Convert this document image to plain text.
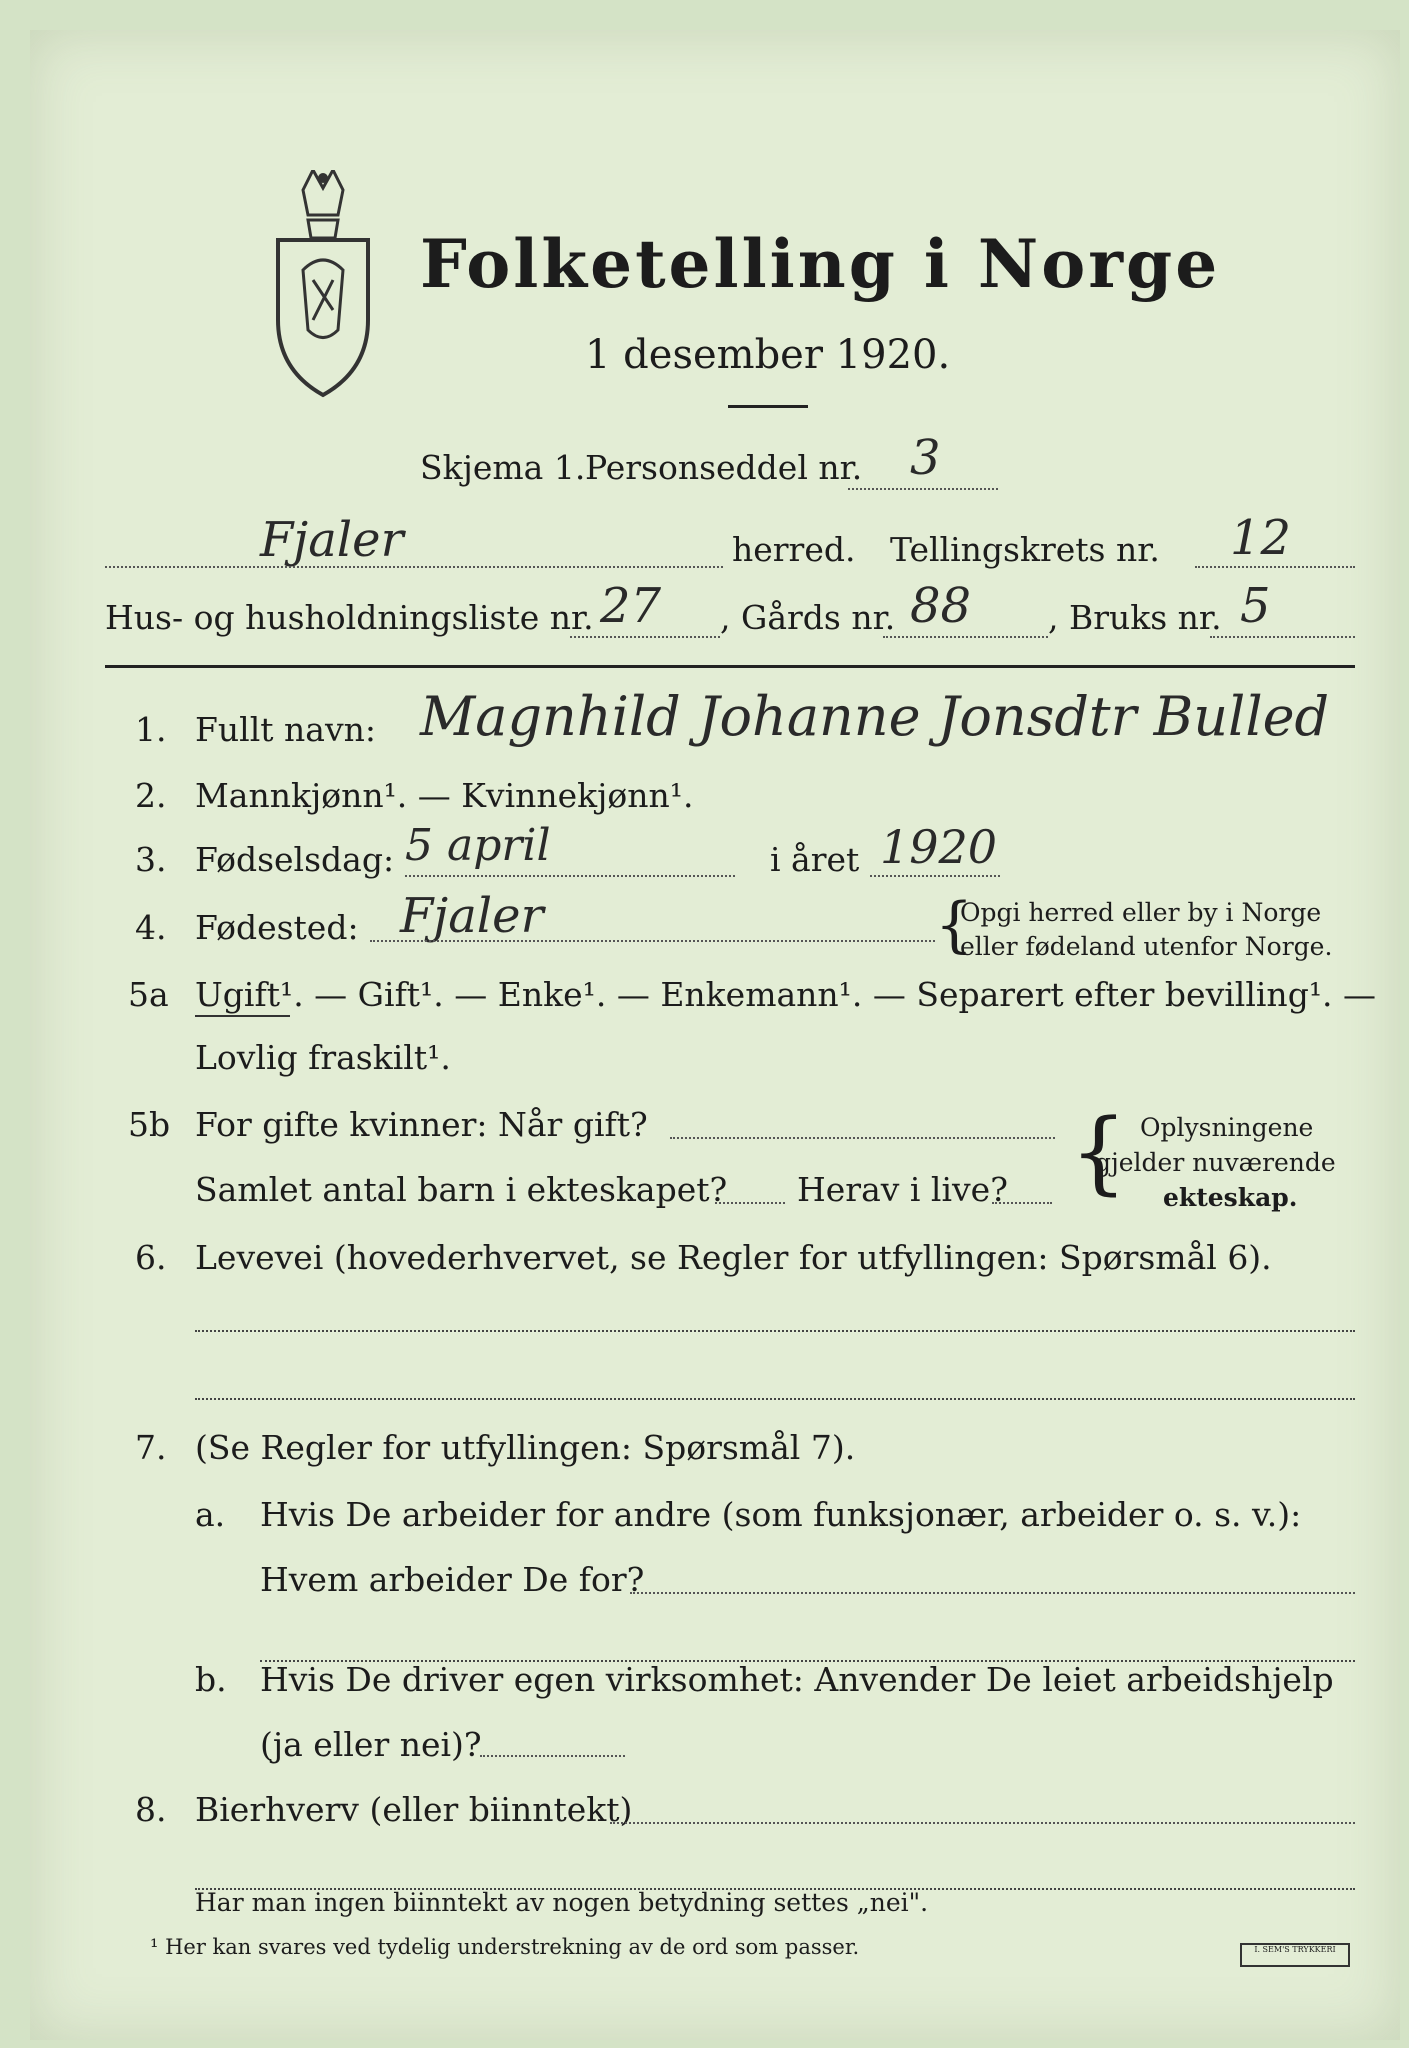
Folketelling i Norge
1 desember 1920.
Skjema 1. Personseddel nr. 3
Fjaler	herred. Tellingskrets nr. 12
Hus- og husholdningsliste nr. 27 , Gårds nr. 88 , Bruks nr. 5
1. Fullt navn: Magnhild Johanne Jonsdtr Bulled
2. Mannkjønn¹. — Kvinnekjønn¹.
3. Fødselsdag: 5 april	i året 1920
4. Fødested: Fjaler	{
Opgi herred eller by i Norge
eller fødeland utenfor Norge.
5a Ugift¹. — Gift¹. — Enke¹. — Enkemann¹. — Separert efter bevilling¹. —
Lovlig fraskilt¹.
5b For gifte kvinner: Når gift?
Samlet antal barn i ekteskapet? Herav i live? { Oplysningene
gjelder nuværende
ekteskap.
6. Levevei (hovederhvervet, se Regler for utfyllingen: Spørsmål 6).
7. (Se Regler for utfyllingen: Spørsmål 7).
a. Hvis De arbeider for andre (som funksjonær, arbeider o. s. v.):
Hvem arbeider De for?
b. Hvis De driver egen virksomhet: Anvender De leiet arbeidshjelp
(ja eller nei)?
8. Bierhverv (eller biinntekt)
Har man ingen biinntekt av nogen betydning settes „nei".
¹ Her kan svares ved tydelig understrekning av de ord som passer.	I. SEM'S TRYKKERI
